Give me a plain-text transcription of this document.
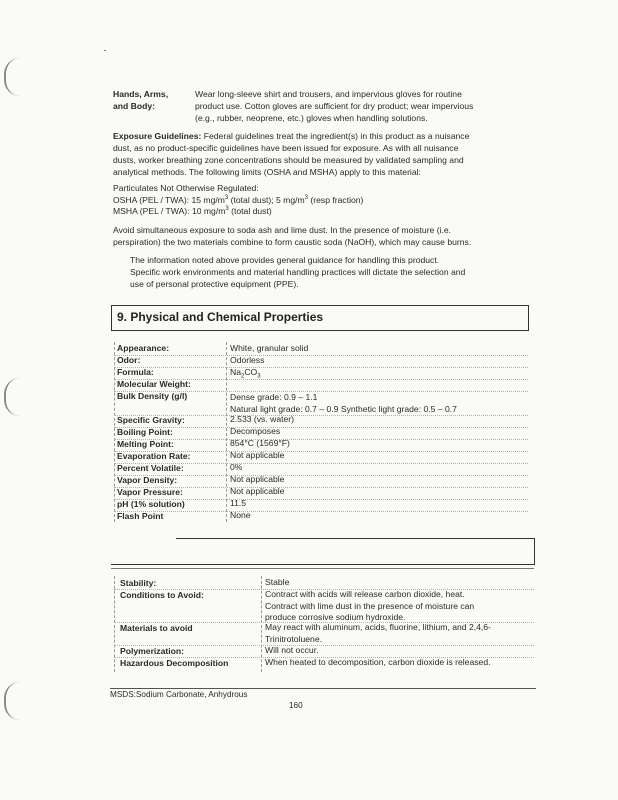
Hands, Arms,
and Body:
Wear long-sleeve shirt and trousers, and impervious gloves for routine
product use. Cotton gloves are sufficient for dry product; wear impervious
(e.g., rubber, neoprene, etc.) gloves when handling solutions.
Exposure Guidelines: Federal guidelines treat the ingredient(s) in this product as a nuisance
dust, as no product-specific guidelines have been issued for exposure. As with all nuisance
dusts, worker breathing zone concentrations should be measured by validated sampling and
analytical methods. The following limits (OSHA and MSHA) apply to this material:
Particulates Not Otherwise Regulated:
OSHA (PEL / TWA): 15 $mg/m^3$ (total dust); 5 $mg/m^3$ (resp fraction)
MSHA (PEL / TWA): 10 $mg/m^3$ (total dust)
Avoid simultaneous exposure to soda ash and lime dust. In the presence of moisture (i.e.
perspiration) the two materials combine to form caustic soda (NaOH), which may cause burns.
The information noted above provides general guidance for handling this product.
Specific work environments and material handling practices will dictate the selection and
use of personal protective equipment (PPE).
9. Physical and Chemical Properties
Appearance:	White, granular solid
Odor:	Odorless
Formula:	$Na_2CO_3$
Molecular Weight:
Bulk Density (g/l)	Dense grade: 0.9 – 1.1
Natural light grade: 0.7 – 0.9 Synthetic light grade: 0.5 – 0.7
Specific Gravity:	2.533 (vs. water)
Boiling Point:	Decomposes
Melting Point:	854°C (1569°F)
Evaporation Rate:	Not applicable
Percent Volatile:	0%
Vapor Density:	Not applicable
Vapor Pressure:	Not applicable
pH (1% solution)	11.5
Flash Point	None
Stability:	Stable
Conditions to Avoid:	Contract with acids will release carbon dioxide, heat.
Contract with lime dust in the presence of moisture can
produce corrosive sodium hydroxide.
Materials to avoid	May react with aluminum, acids, fluorine, lithium, and 2,4,6-
Trinitrotoluene.
Polymerization:	Will not occur.
Hazardous Decomposition	When heated to decomposition, carbon dioxide is released.
MSDS:Sodium Carbonate, Anhydrous
160
